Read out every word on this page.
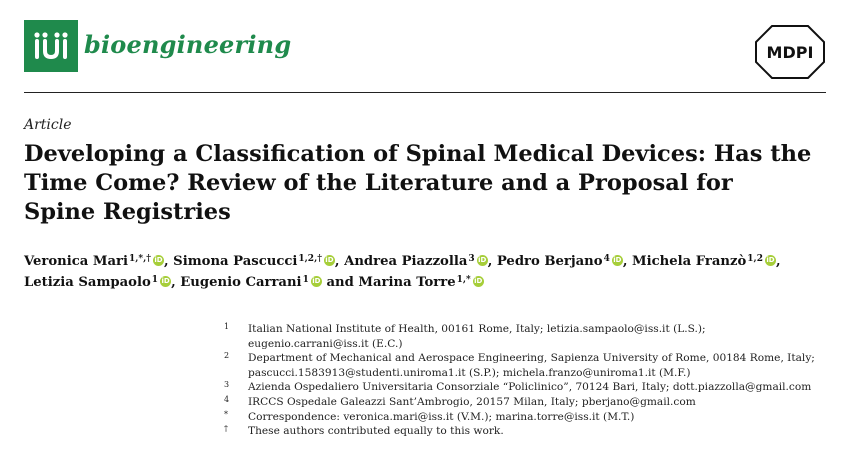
bioengineering	MDPI
Article
Developing a Classification of Spinal Medical Devices: Has the
Time Come? Review of the Literature and a Proposal for
Spine Registries
Veronica Mari$^{1,*,\dagger}$ iD, Simona Pascucci$^{1,2,\dagger}$ iD, Andrea Piazzolla$^3$ iD, Pedro Berjano$^4$ iD, Michela Franzò$^{1,2}$ iD,
Letizia Sampaolo$^1$ iD, Eugenio Carrani$^1$ iD and Marina Torre$^{1,*}$ iD
1	Italian National Institute of Health, 00161 Rome, Italy; letizia.sampaolo@iss.it (L.S.);
eugenio.carrani@iss.it (E.C.)
2	Department of Mechanical and Aerospace Engineering, Sapienza University of Rome, 00184 Rome, Italy;
pascucci.1583913@studenti.uniroma1.it (S.P.); michela.franzo@uniroma1.it (M.F.)
3	Azienda Ospedaliero Universitaria Consorziale “Policlinico”, 70124 Bari, Italy; dott.piazzolla@gmail.com
4	IRCCS Ospedale Galeazzi Sant’Ambrogio, 20157 Milan, Italy; pberjano@gmail.com
*	Correspondence: veronica.mari@iss.it (V.M.); marina.torre@iss.it (M.T.)
†	These authors contributed equally to this work.
